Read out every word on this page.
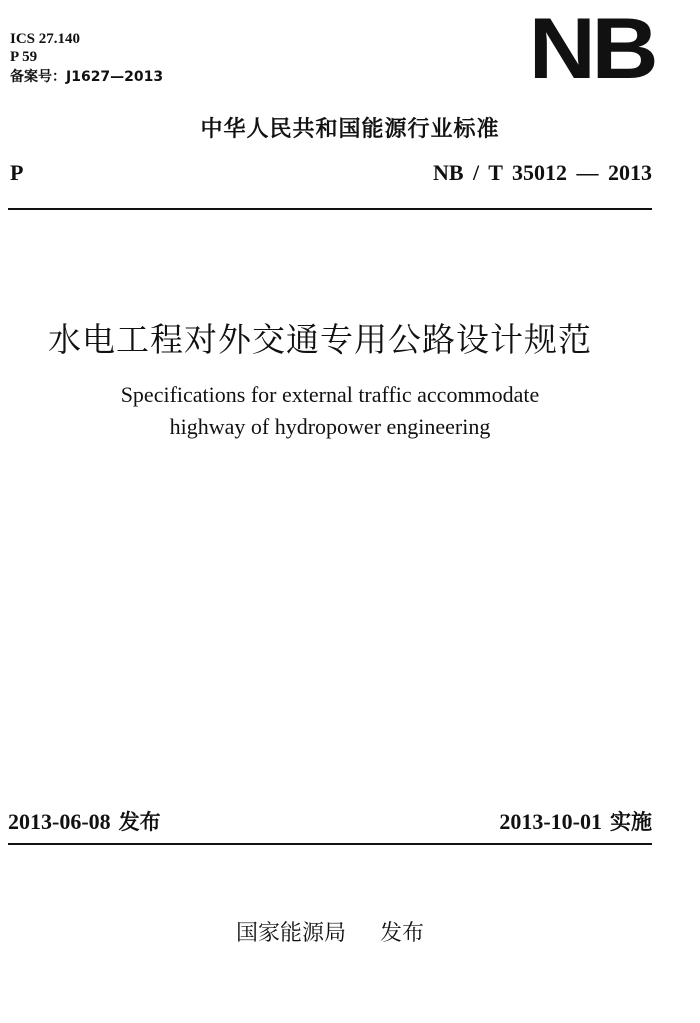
ICS 27.140
P 59
备案号：J1627—2013	NB
中华人民共和国能源行业标准
P	NB / T 35012 — 2013
水电工程对外交通专用公路设计规范
Specifications for external traffic accommodate
highway of hydropower engineering
2013-06-08 发布	2013-10-01 实施
国家能源局 发布
